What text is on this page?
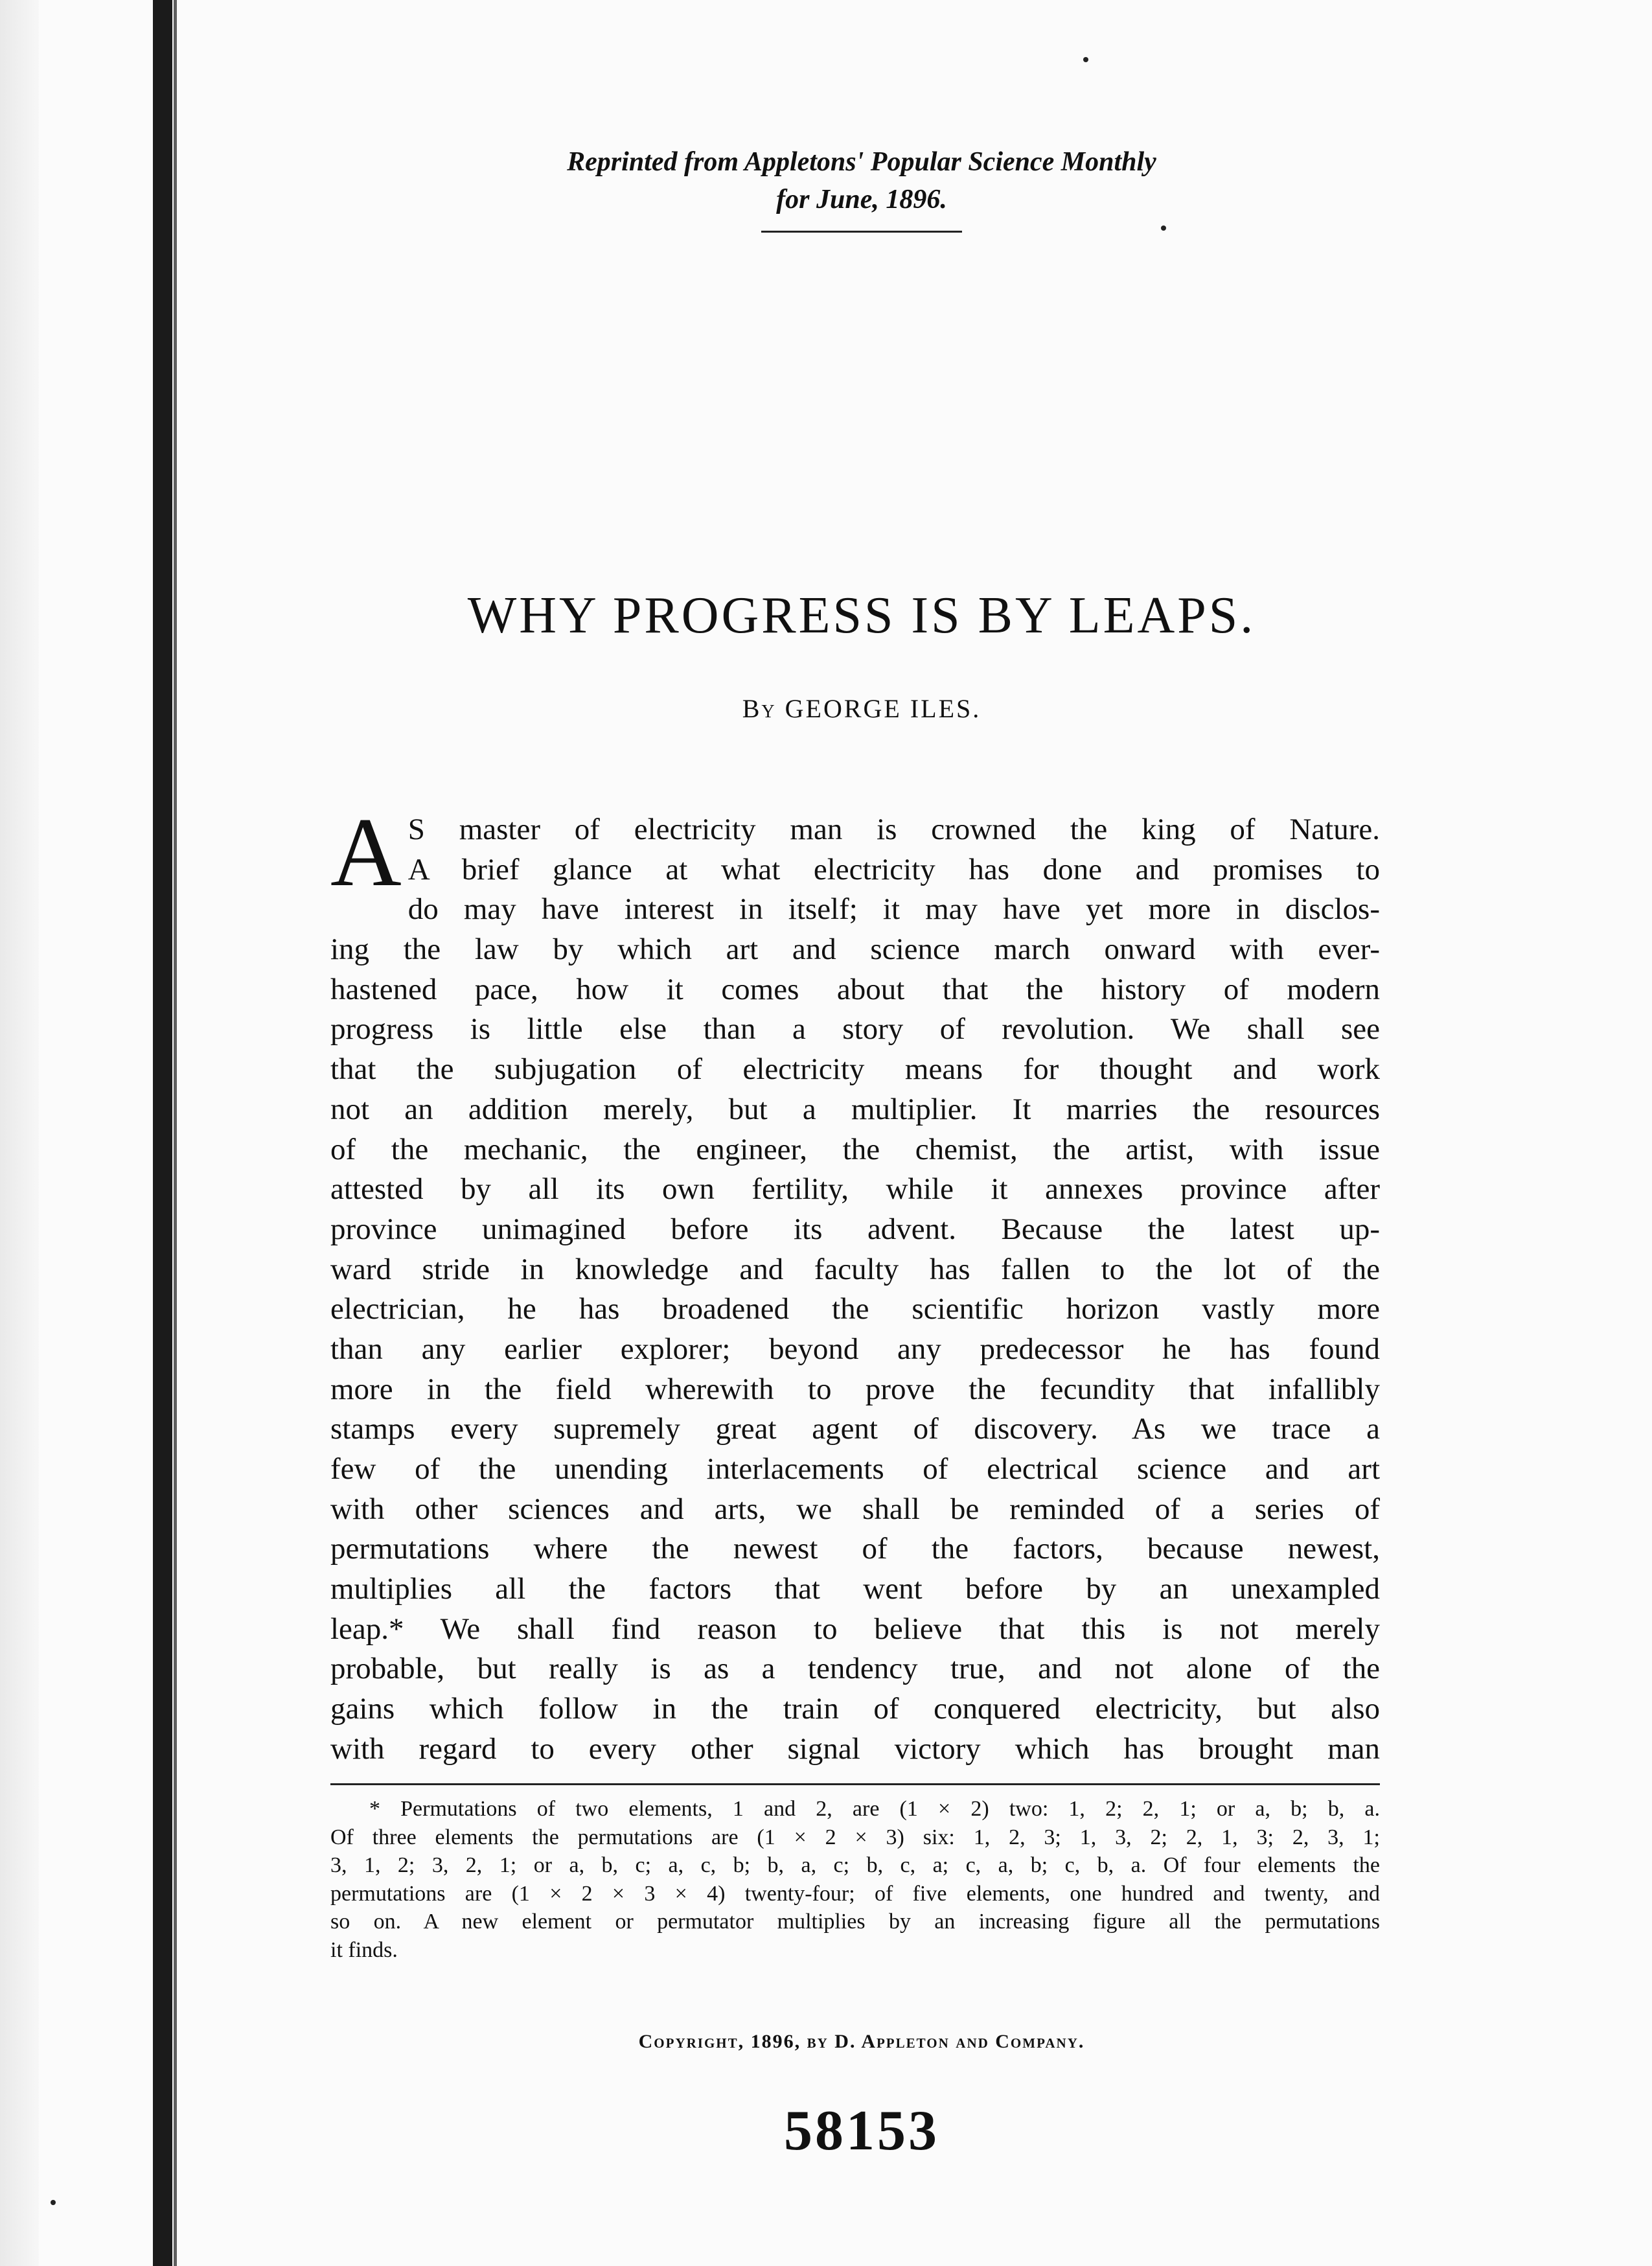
Reprinted from Appletons' Popular Science Monthly
for June, 1896.
WHY PROGRESS IS BY LEAPS.
By GEORGE ILES.
A S master of electricity man is crowned the king of Nature.
A brief glance at what electricity has done and promises to
do may have interest in itself; it may have yet more in disclos-
ing the law by which art and science march onward with ever-
hastened pace, how it comes about that the history of modern
progress is little else than a story of revolution. We shall see
that the subjugation of electricity means for thought and work
not an addition merely, but a multiplier. It marries the resources
of the mechanic, the engineer, the chemist, the artist, with issue
attested by all its own fertility, while it annexes province after
province unimagined before its advent. Because the latest up-
ward stride in knowledge and faculty has fallen to the lot of the
electrician, he has broadened the scientific horizon vastly more
than any earlier explorer; beyond any predecessor he has found
more in the field wherewith to prove the fecundity that infallibly
stamps every supremely great agent of discovery. As we trace a
few of the unending interlacements of electrical science and art
with other sciences and arts, we shall be reminded of a series of
permutations where the newest of the factors, because newest,
multiplies all the factors that went before by an unexampled
leap.* We shall find reason to believe that this is not merely
probable, but really is as a tendency true, and not alone of the
gains which follow in the train of conquered electricity, but also
with regard to every other signal victory which has brought man
* Permutations of two elements, 1 and 2, are (1 × 2) two: 1, 2; 2, 1; or a, b; b, a.
Of three elements the permutations are (1 × 2 × 3) six: 1, 2, 3; 1, 3, 2; 2, 1, 3; 2, 3, 1;
3, 1, 2; 3, 2, 1; or a, b, c; a, c, b; b, a, c; b, c, a; c, a, b; c, b, a. Of four elements the
permutations are (1 × 2 × 3 × 4) twenty-four; of five elements, one hundred and twenty, and
so on. A new element or permutator multiplies by an increasing figure all the permutations
it finds.
Copyright, 1896, by D. Appleton and Company.
58153
